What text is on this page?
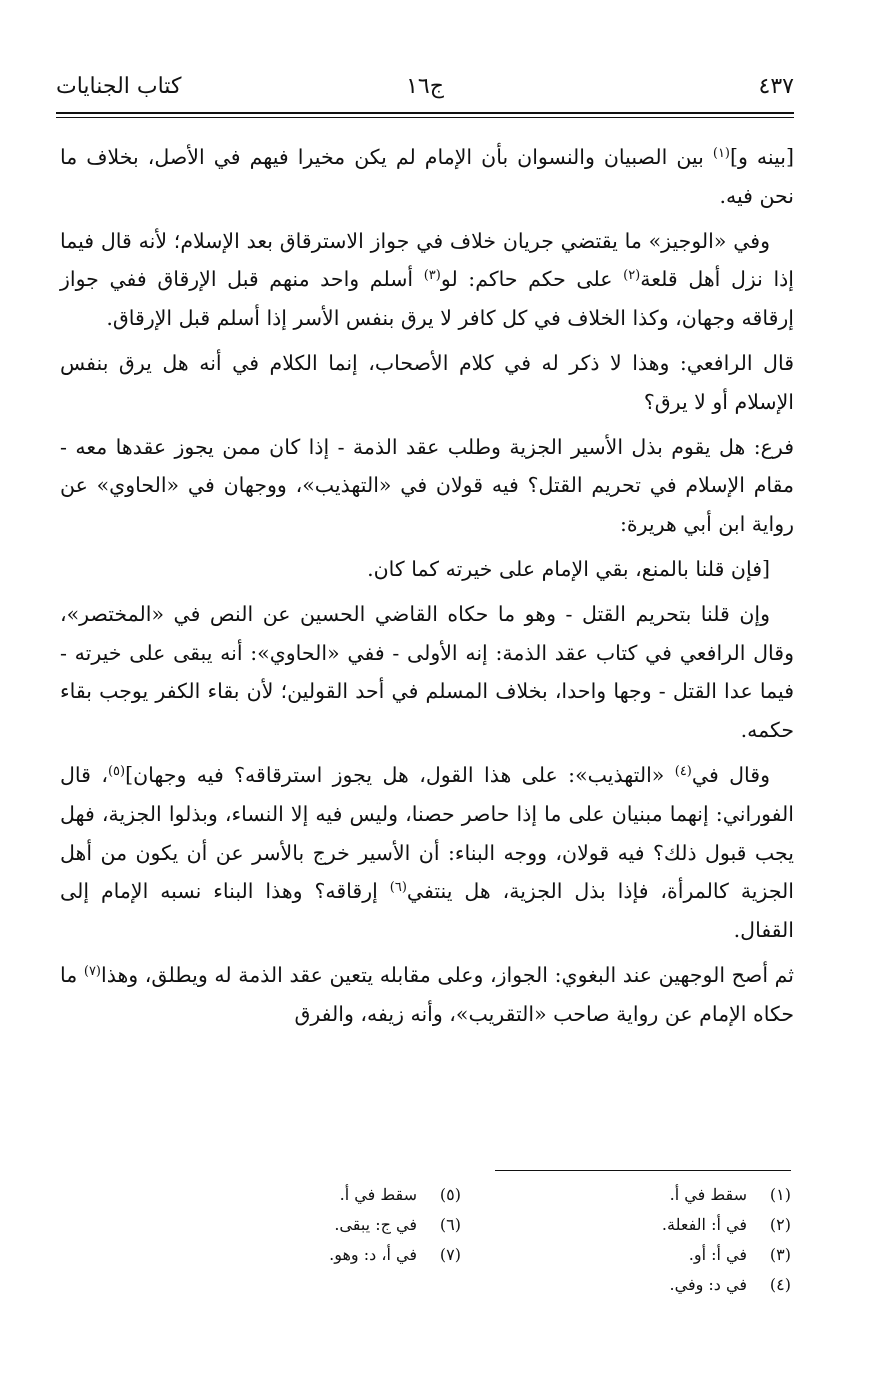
٤٣٧
ج١٦
كتاب الجنايات

[بينه و]$^{(١)}$ بين الصبيان والنسوان بأن الإمام لم يكن مخيرا فيهم في الأصل، بخلاف ما نحن فيه.

وفي «الوجيز» ما يقتضي جريان خلاف في جواز الاسترقاق بعد الإسلام؛ لأنه قال فيما إذا نزل أهل قلعة$^{(٢)}$ على حكم حاكم: لو$^{(٣)}$ أسلم واحد منهم قبل الإرقاق ففي جواز إرقاقه وجهان، وكذا الخلاف في كل كافر لا يرق بنفس الأسر إذا أسلم قبل الإرقاق.

قال الرافعي: وهذا لا ذكر له في كلام الأصحاب، إنما الكلام في أنه هل يرق بنفس الإسلام أو لا يرق؟

فرع: هل يقوم بذل الأسير الجزية وطلب عقد الذمة - إذا كان ممن يجوز عقدها معه - مقام الإسلام في تحريم القتل؟ فيه قولان في «التهذيب»، ووجهان في «الحاوي» عن رواية ابن أبي هريرة:

[فإن قلنا بالمنع، بقي الإمام على خيرته كما كان.

وإن قلنا بتحريم القتل - وهو ما حكاه القاضي الحسين عن النص في «المختصر»، وقال الرافعي في كتاب عقد الذمة: إنه الأولى - ففي «الحاوي»: أنه يبقى على خيرته - فيما عدا القتل - وجها واحدا، بخلاف المسلم في أحد القولين؛ لأن بقاء الكفر يوجب بقاء حكمه.

وقال في$^{(٤)}$ «التهذيب»: على هذا القول، هل يجوز استرقاقه؟ فيه وجهان]$^{(٥)}$، قال الفوراني: إنهما مبنيان على ما إذا حاصر حصنا، وليس فيه إلا النساء، وبذلوا الجزية، فهل يجب قبول ذلك؟ فيه قولان، ووجه البناء: أن الأسير خرج بالأسر عن أن يكون من أهل الجزية كالمرأة، فإذا بذل الجزية، هل ينتفي$^{(٦)}$ إرقاقه؟ وهذا البناء نسبه الإمام إلى القفال.

ثم أصح الوجهين عند البغوي: الجواز، وعلى مقابله يتعين عقد الذمة له ويطلق، وهذا$^{(٧)}$ ما حكاه الإمام عن رواية صاحب «التقريب»، وأنه زيفه، والفرق

(١)سقط في أ.
(٢)في أ: الفعلة.
(٣)في أ: أو.
(٤)في د: وفي.
(٥)سقط في أ.
(٦)في ج: يبقى.
(٧)في أ، د: وهو.
